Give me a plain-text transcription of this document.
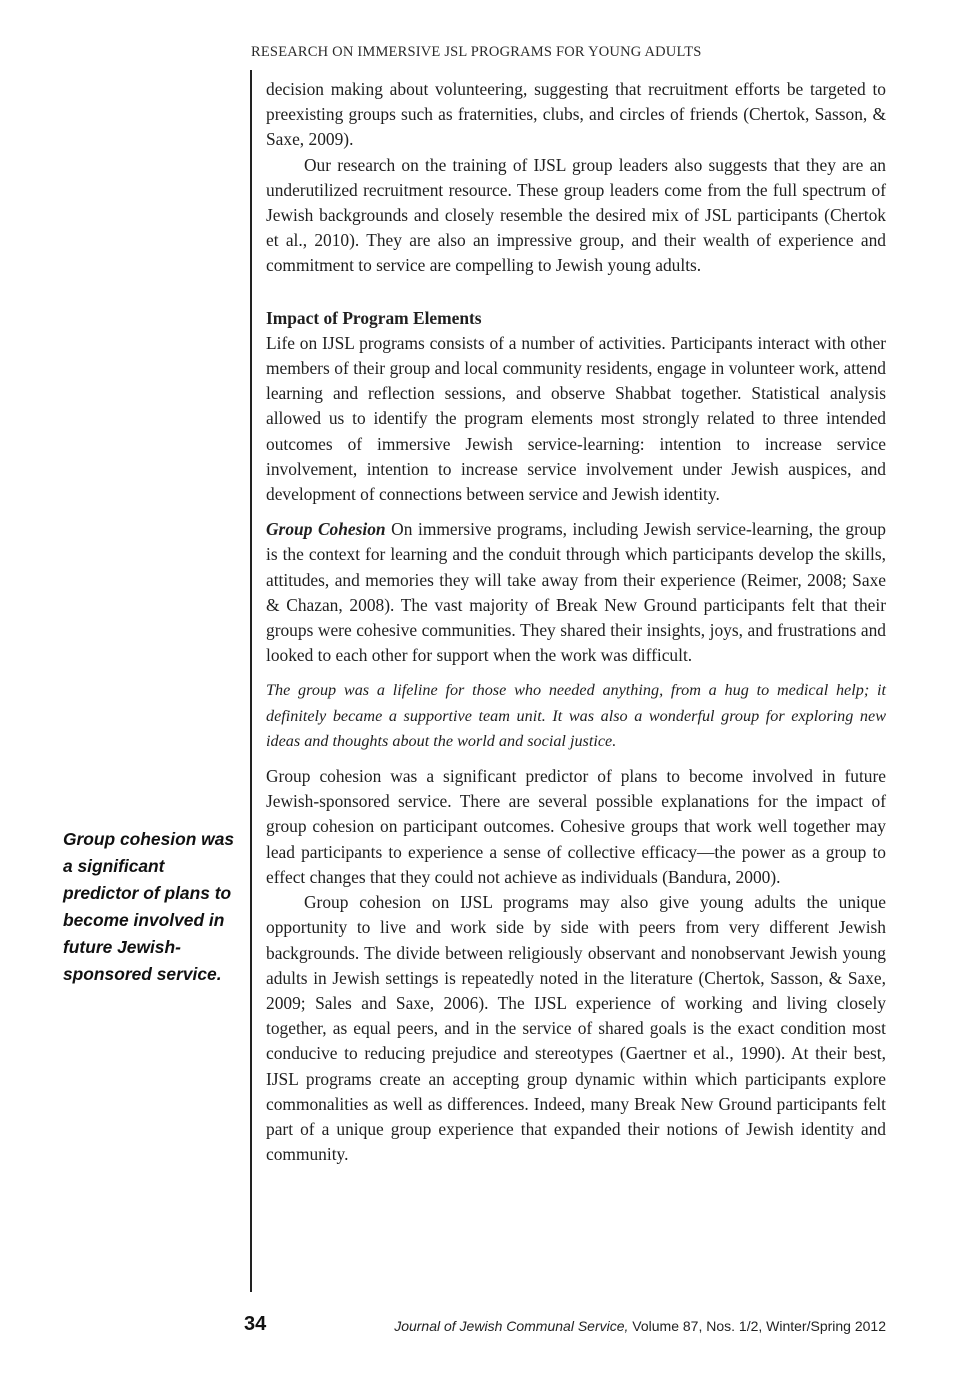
RESEARCH ON IMMERSIVE JSL PROGRAMS FOR YOUNG ADULTS

decision making about volunteering, suggesting that recruitment efforts be targeted to preexisting groups such as fraternities, clubs, and circles of friends (Chertok, Sasson, & Saxe, 2009).

Our research on the training of IJSL group leaders also suggests that they are an underutilized recruitment resource. These group leaders come from the full spectrum of Jewish backgrounds and closely resemble the desired mix of JSL participants (Chertok et al., 2010). They are also an impressive group, and their wealth of experience and commitment to service are compelling to Jewish young adults.

Impact of Program Elements

Life on IJSL programs consists of a number of activities. Participants interact with other members of their group and local community residents, engage in volunteer work, attend learning and reflection sessions, and observe Shabbat together. Statistical analysis allowed us to identify the program elements most strongly related to three intended outcomes of immersive Jewish service-learning: intention to increase service involvement, intention to increase service involvement under Jewish auspices, and development of connections between service and Jewish identity.

Group Cohesion On immersive programs, including Jewish service-learning, the group is the context for learning and the conduit through which participants develop the skills, attitudes, and memories they will take away from their experience (Reimer, 2008; Saxe & Chazan, 2008). The vast majority of Break New Ground participants felt that their groups were cohesive communities. They shared their insights, joys, and frustrations and looked to each other for support when the work was difficult.

The group was a lifeline for those who needed anything, from a hug to medical help; it definitely became a supportive team unit. It was also a wonderful group for exploring new ideas and thoughts about the world and social justice.

Group cohesion was a significant predictor of plans to become involved in future Jewish-sponsored service. There are several possible explanations for the impact of group cohesion on participant outcomes. Cohesive groups that work well together may lead participants to experience a sense of collective efficacy—the power as a group to effect changes that they could not achieve as individuals (Bandura, 2000).

Group cohesion on IJSL programs may also give young adults the unique opportunity to live and work side by side with peers from very different Jewish backgrounds. The divide between religiously observant and nonobservant Jewish young adults in Jewish settings is repeatedly noted in the literature (Chertok, Sasson, & Saxe, 2009; Sales and Saxe, 2006). The IJSL experience of working and living closely together, as equal peers, and in the service of shared goals is the exact condition most conducive to reducing prejudice and stereotypes (Gaertner et al., 1990). At their best, IJSL programs create an accepting group dynamic within which participants explore commonalities as well as differences. Indeed, many Break New Ground participants felt part of a unique group experience that expanded their notions of Jewish identity and community.

Group cohesion was a significant predictor of plans to become involved in future Jewish-sponsored service.
34	Journal of Jewish Communal Service, Volume 87, Nos. 1/2, Winter/Spring 2012
